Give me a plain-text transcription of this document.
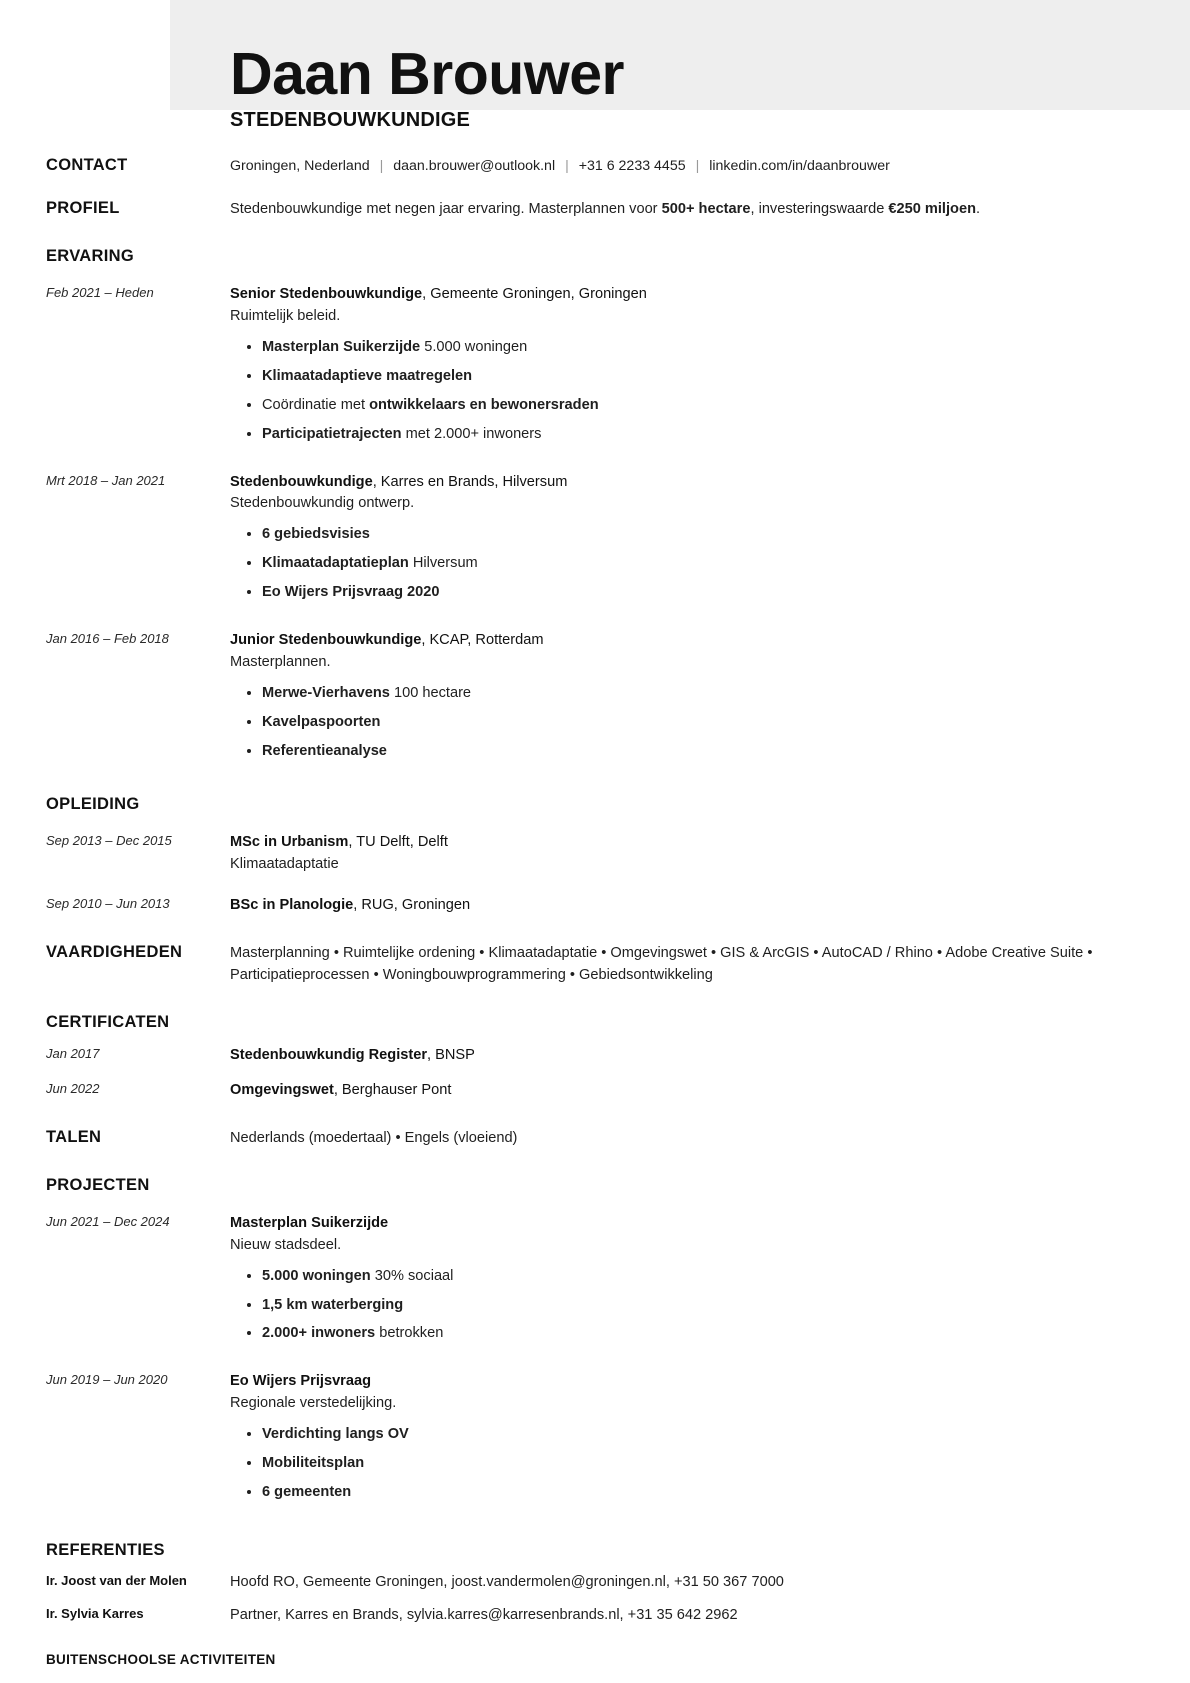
Daan Brouwer
STEDENBOUWKUNDIGE
CONTACT	Groningen, Nederland | daan.brouwer@outlook.nl | +31 6 2233 4455 | linkedin.com/in/daanbrouwer
PROFIEL	Stedenbouwkundige met negen jaar ervaring. Masterplannen voor 500+ hectare, investeringswaarde €250 miljoen.
ERVARING
Feb 2021 – Heden	Senior Stedenbouwkundige, Gemeente Groningen, Groningen
Ruimtelijk beleid.
• Masterplan Suikerzijde 5.000 woningen
• Klimaatadaptieve maatregelen
• Coördinatie met ontwikkelaars en bewonersraden
• Participatietrajecten met 2.000+ inwoners
Mrt 2018 – Jan 2021	Stedenbouwkundige, Karres en Brands, Hilversum
Stedenbouwkundig ontwerp.
• 6 gebiedsvisies
• Klimaatadaptatieplan Hilversum
• Eo Wijers Prijsvraag 2020
Jan 2016 – Feb 2018	Junior Stedenbouwkundige, KCAP, Rotterdam
Masterplannen.
• Merwe-Vierhavens 100 hectare
• Kavelpaspoorten
• Referentieanalyse
OPLEIDING
Sep 2013 – Dec 2015	MSc in Urbanism, TU Delft, Delft
Klimaatadaptatie
Sep 2010 – Jun 2013	BSc in Planologie, RUG, Groningen
VAARDIGHEDEN	Masterplanning • Ruimtelijke ordening • Klimaatadaptatie • Omgevingswet • GIS & ArcGIS • AutoCAD / Rhino • Adobe Creative Suite • Participatieprocessen • Woningbouwprogrammering • Gebiedsontwikkeling
CERTIFICATEN
Jan 2017	Stedenbouwkundig Register, BNSP
Jun 2022	Omgevingswet, Berghauser Pont
TALEN	Nederlands (moedertaal) • Engels (vloeiend)
PROJECTEN
Jun 2021 – Dec 2024	Masterplan Suikerzijde
Nieuw stadsdeel.
• 5.000 woningen 30% sociaal
• 1,5 km waterberging
• 2.000+ inwoners betrokken
Jun 2019 – Jun 2020	Eo Wijers Prijsvraag
Regionale verstedelijking.
• Verdichting langs OV
• Mobiliteitsplan
• 6 gemeenten
REFERENTIES
Ir. Joost van der Molen	Hoofd RO, Gemeente Groningen, joost.vandermolen@groningen.nl, +31 50 367 7000
Ir. Sylvia Karres	Partner, Karres en Brands, sylvia.karres@karresenbrands.nl, +31 35 642 2962
BUITENSCHOOLSE ACTIVITEITEN
